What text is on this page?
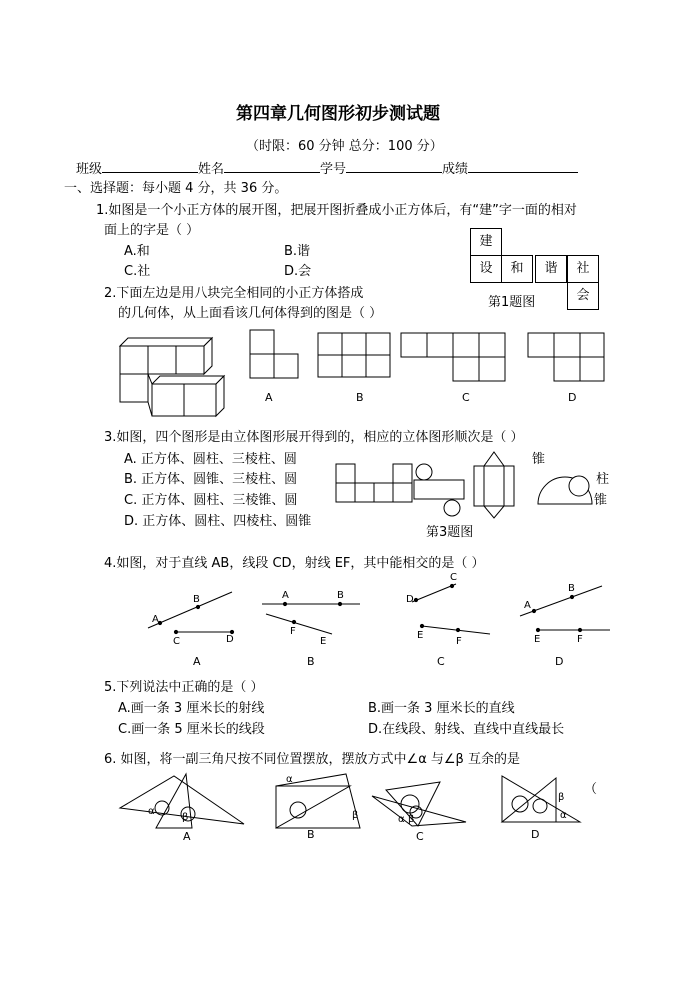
第四章几何图形初步测试题
（时限：60 分钟 总分：100 分）
班级	姓名	学号	成绩
一、选择题：每小题 4 分，共 36 分。
1.如图是一个小正方体的展开图，把展开图折叠成小正方体后，有“建”字一面的相对
面上的字是（ ）
A.和	B.谐
C.社	D.会
建
设	和	谐	社
会
第1题图
2.下面左边是用八块完全相同的小正方体搭成
的几何体，从上面看该几何体得到的图是（ ）
A	B	C	D
3.如图，四个图形是由立体图形展开得到的，相应的立体图形顺次是（ ）
A. 正方体、圆柱、三棱柱、圆
B. 正方体、圆锥、三棱柱、圆
C. 正方体、圆柱、三棱锥、圆
D. 正方体、圆柱、四棱柱、圆锥
锥
柱
锥
第3题图
4.如图，对于直线 AB，线段 CD，射线 EF，其中能相交的是（ ）
A
B
C	D
A	B
F
E
D
C
E
F
A
B
E	F
A	B	C	D
5.下列说法中正确的是（ ）
A.画一条 3 厘米长的射线	B.画一条 3 厘米长的直线
C.画一条 5 厘米长的线段	D.在线段、射线、直线中直线最长
6. 如图，将一副三角尺按不同位置摆放，摆放方式中∠α 与∠β 互余的是
（
α
β
α
β	α β
β
α
A	B	C	D
